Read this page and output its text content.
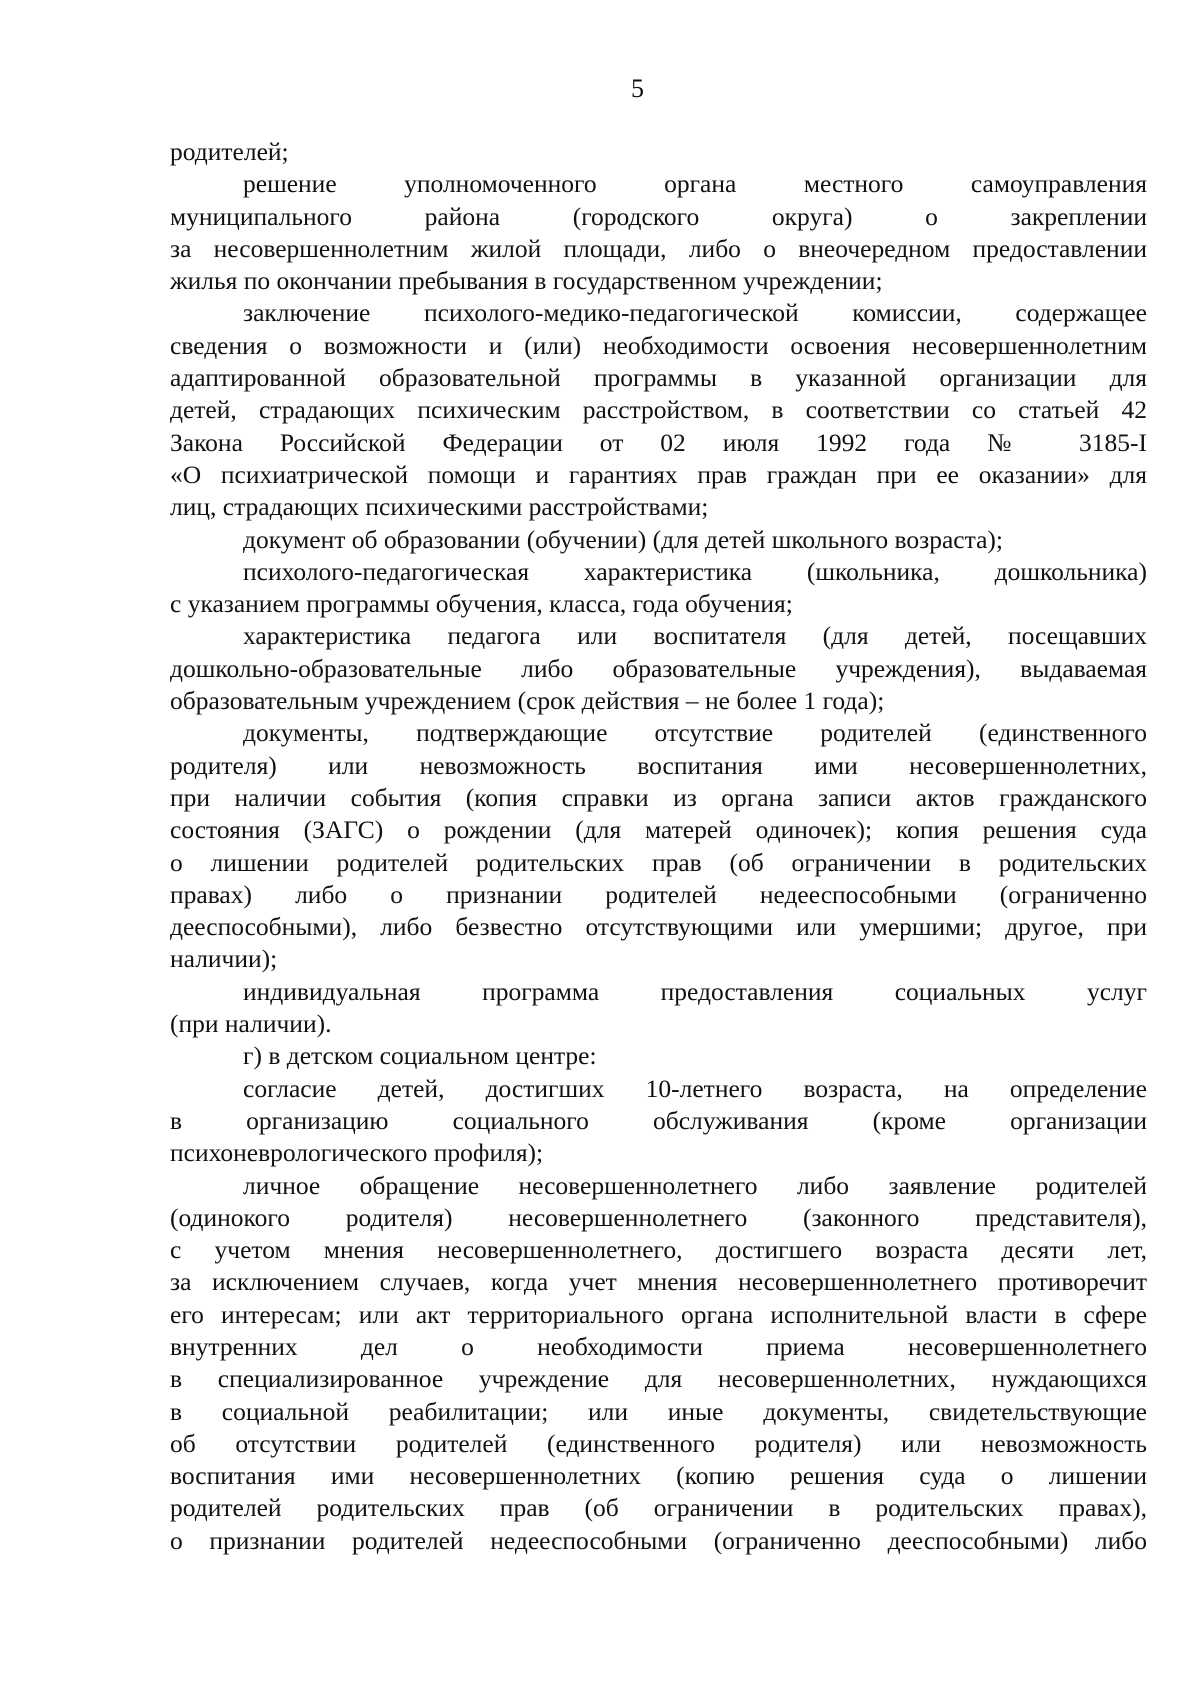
5
родителей;
решение уполномоченного органа местного самоуправления
муниципального района (городского округа) о закреплении
за несовершеннолетним жилой площади, либо о внеочередном предоставлении
жилья по окончании пребывания в государственном учреждении;
заключение психолого-медико-педагогической комиссии, содержащее
сведения о возможности и (или) необходимости освоения несовершеннолетним
адаптированной образовательной программы в указанной организации для
детей, страдающих психическим расстройством, в соответствии со статьей 42
Закона Российской Федерации от 02 июля 1992 года № 3185-I
«О психиатрической помощи и гарантиях прав граждан при ее оказании» для
лиц, страдающих психическими расстройствами;
документ об образовании (обучении) (для детей школьного возраста);
психолого-педагогическая характеристика (школьника, дошкольника)
с указанием программы обучения, класса, года обучения;
характеристика педагога или воспитателя (для детей, посещавших
дошкольно-образовательные либо образовательные учреждения), выдаваемая
образовательным учреждением (срок действия – не более 1 года);
документы, подтверждающие отсутствие родителей (единственного
родителя) или невозможность воспитания ими несовершеннолетних,
при наличии события (копия справки из органа записи актов гражданского
состояния (ЗАГС) о рождении (для матерей одиночек); копия решения суда
о лишении родителей родительских прав (об ограничении в родительских
правах) либо о признании родителей недееспособными (ограниченно
дееспособными), либо безвестно отсутствующими или умершими; другое, при
наличии);
индивидуальная программа предоставления социальных услуг
(при наличии).
г) в детском социальном центре:
согласие детей, достигших 10-летнего возраста, на определение
в организацию социального обслуживания (кроме организации
психоневрологического профиля);
личное обращение несовершеннолетнего либо заявление родителей
(одинокого родителя) несовершеннолетнего (законного представителя),
с учетом мнения несовершеннолетнего, достигшего возраста десяти лет,
за исключением случаев, когда учет мнения несовершеннолетнего противоречит
его интересам; или акт территориального органа исполнительной власти в сфере
внутренних дел о необходимости приема несовершеннолетнего
в специализированное учреждение для несовершеннолетних, нуждающихся
в социальной реабилитации; или иные документы, свидетельствующие
об отсутствии родителей (единственного родителя) или невозможность
воспитания ими несовершеннолетних (копию решения суда о лишении
родителей родительских прав (об ограничении в родительских правах),
о признании родителей недееспособными (ограниченно дееспособными) либо
